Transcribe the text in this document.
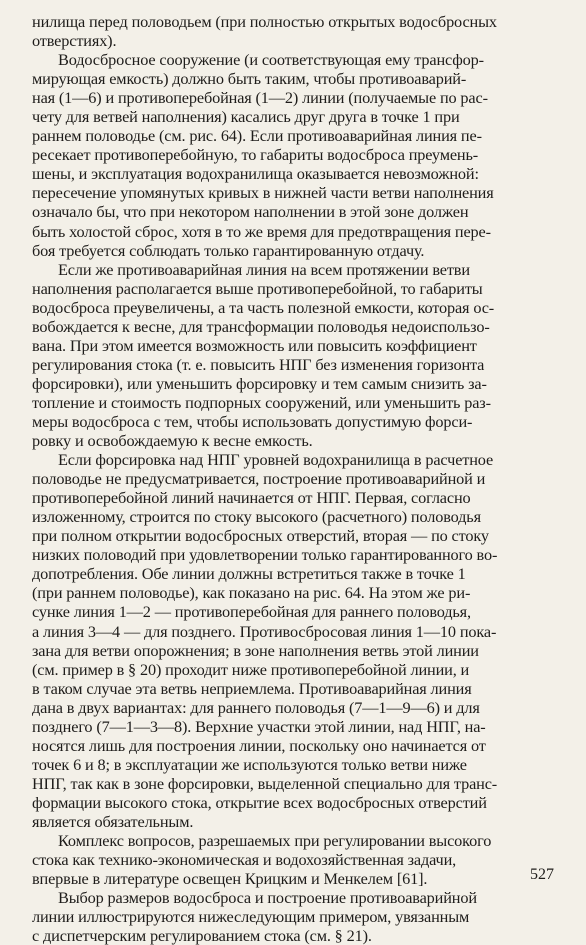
нилища перед половодьем (при полностью открытых водосбросных
отверстиях).
Водосбросное сооружение (и соответствующая ему трансфор-
мирующая емкость) должно быть таким, чтобы противоаварий-
ная (1—6) и противоперебойная (1—2) линии (получаемые по рас-
чету для ветвей наполнения) касались друг друга в точке 1 при
раннем половодье (см. рис. 64). Если противоаварийная линия пе-
ресекает противоперебойную, то габариты водосброса преумень-
шены, и эксплуатация водохранилища оказывается невозможной:
пересечение упомянутых кривых в нижней части ветви наполнения
означало бы, что при некотором наполнении в этой зоне должен
быть холостой сброс, хотя в то же время для предотвращения пере-
боя требуется соблюдать только гарантированную отдачу.
Если же противоаварийная линия на всем протяжении ветви
наполнения располагается выше противоперебойной, то габариты
водосброса преувеличены, а та часть полезной емкости, которая ос-
вобождается к весне, для трансформации половодья недоиспользо-
вана. При этом имеется возможность или повысить коэффициент
регулирования стока (т. е. повысить НПГ без изменения горизонта
форсировки), или уменьшить форсировку и тем самым снизить за-
топление и стоимость подпорных сооружений, или уменьшить раз-
меры водосброса с тем, чтобы использовать допустимую форси-
ровку и освобождаемую к весне емкость.
Если форсировка над НПГ уровней водохранилища в расчетное
половодье не предусматривается, построение противоаварийной и
противоперебойной линий начинается от НПГ. Первая, согласно
изложенному, строится по стоку высокого (расчетного) половодья
при полном открытии водосбросных отверстий, вторая — по стоку
низких половодий при удовлетворении только гарантированного во-
допотребления. Обе линии должны встретиться также в точке 1
(при раннем половодье), как показано на рис. 64. На этом же ри-
сунке линия 1—2 — противоперебойная для раннего половодья,
а линия 3—4 — для позднего. Противосбросовая линия 1—10 пока-
зана для ветви опорожнения; в зоне наполнения ветвь этой линии
(см. пример в § 20) проходит ниже противоперебойной линии, и
в таком случае эта ветвь неприемлема. Противоаварийная линия
дана в двух вариантах: для раннего половодья (7—1—9—6) и для
позднего (7—1—3—8). Верхние участки этой линии, над НПГ, на-
носятся лишь для построения линии, поскольку оно начинается от
точек 6 и 8; в эксплуатации же используются только ветви ниже
НПГ, так как в зоне форсировки, выделенной специально для транс-
формации высокого стока, открытие всех водосбросных отверстий
является обязательным.
Комплекс вопросов, разрешаемых при регулировании высокого
стока как технико-экономическая и водохозяйственная задачи,
впервые в литературе освещен Крицким и Менкелем [61].
Выбор размеров водосброса и построение противоаварийной
линии иллюстрируются нижеследующим примером, увязанным
с диспетчерским регулированием стока (см. § 21).
527
